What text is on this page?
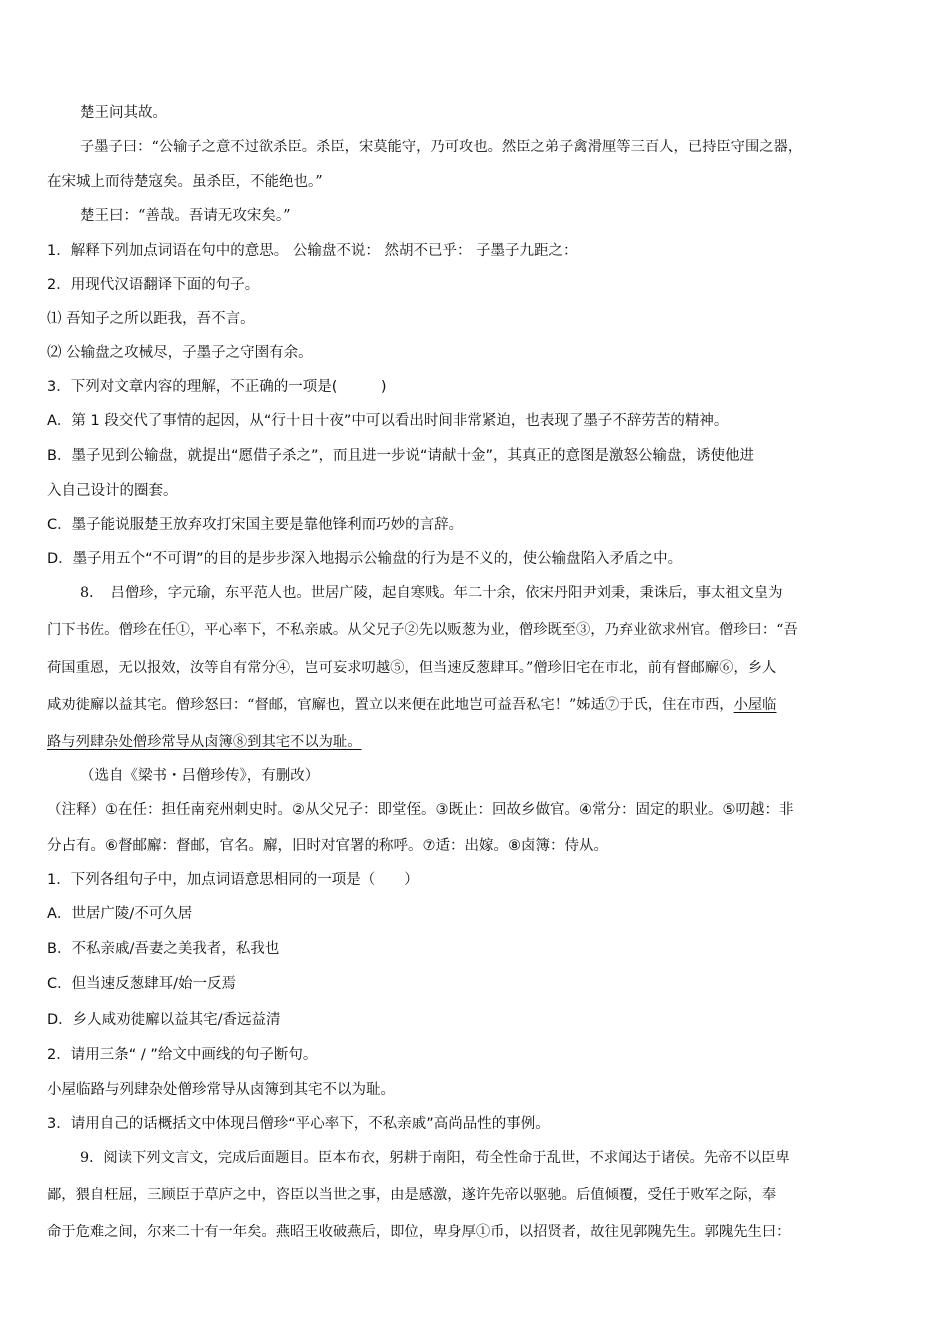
楚王问其故。
子墨子曰：“公输子之意不过欲杀臣。杀臣，宋莫能守，乃可攻也。然臣之弟子禽滑厘等三百人，已持臣守围之器，
在宋城上而待楚寇矣。虽杀臣，不能绝也。”
楚王曰：“善哉。吾请无攻宋矣。”
1．解释下列加点词语在句中的意思。 公输盘不说： 然胡不已乎： 子墨子九距之：
2．用现代汉语翻译下面的句子。
⑴ 吾知子之所以距我，吾不言。
⑵ 公输盘之攻械尽，子墨子之守圉有余。
3．下列对文章内容的理解，不正确的一项是(　　　)
A．第 1 段交代了事情的起因，从“行十日十夜”中可以看出时间非常紧迫，也表现了墨子不辞劳苦的精神。
B．墨子见到公输盘，就提出“愿借子杀之”，而且进一步说“请献十金”，其真正的意图是激怒公输盘，诱使他进
入自己设计的圈套。
C．墨子能说服楚王放弃攻打宋国主要是靠他锋利而巧妙的言辞。
D．墨子用五个“不可谓”的目的是步步深入地揭示公输盘的行为是不义的，使公输盘陷入矛盾之中。
8．　吕僧珍，字元瑜，东平范人也。世居广陵，起自寒贱。年二十余，依宋丹阳尹刘秉，秉诛后，事太祖文皇为
门下书佐。僧珍在任①，平心率下，不私亲戚。从父兄子②先以贩葱为业，僧珍既至③，乃弃业欲求州官。僧珍曰：“吾
荷国重恩，无以报效，汝等自有常分④，岂可妄求叨越⑤，但当速反葱肆耳。”僧珍旧宅在市北，前有督邮廨⑥，乡人
咸劝徙廨以益其宅。僧珍怒曰：“督邮，官廨也，置立以来便在此地岂可益吾私宅！”姊适⑦于氏，住在市西，小屋临
路与列肆杂处僧珍常导从卤簿⑧到其宅不以为耻。
（选自《梁书・吕僧珍传》，有删改）
（注释）①在任：担任南兖州刺史时。②从父兄子：即堂侄。③既止：回故乡做官。④常分：固定的职业。⑤叨越：非
分占有。⑥督邮廨：督邮，官名。廨，旧时对官署的称呼。⑦适：出嫁。⑧卤簿：侍从。
1．下列各组句子中，加点词语意思相同的一项是（　　）
A．世居广陵/不可久居
B．不私亲戚/吾妻之美我者，私我也
C．但当速反葱肆耳/始一反焉
D．乡人咸劝徙廨以益其宅/香远益清
2．请用三条“ / ”给文中画线的句子断句。
小屋临路与列肆杂处僧珍常导从卤簿到其宅不以为耻。
3．请用自己的话概括文中体现吕僧珍“平心率下，不私亲戚”高尚品性的事例。
9．阅读下列文言文，完成后面题目。臣本布衣，躬耕于南阳，苟全性命于乱世，不求闻达于诸侯。先帝不以臣卑
鄙，猥自枉屈，三顾臣于草庐之中，咨臣以当世之事，由是感激，遂许先帝以驱驰。后值倾覆，受任于败军之际，奉
命于危难之间，尔来二十有一年矣。燕昭王收破燕后，即位，卑身厚①币，以招贤者，故往见郭隗先生。郭隗先生曰：
